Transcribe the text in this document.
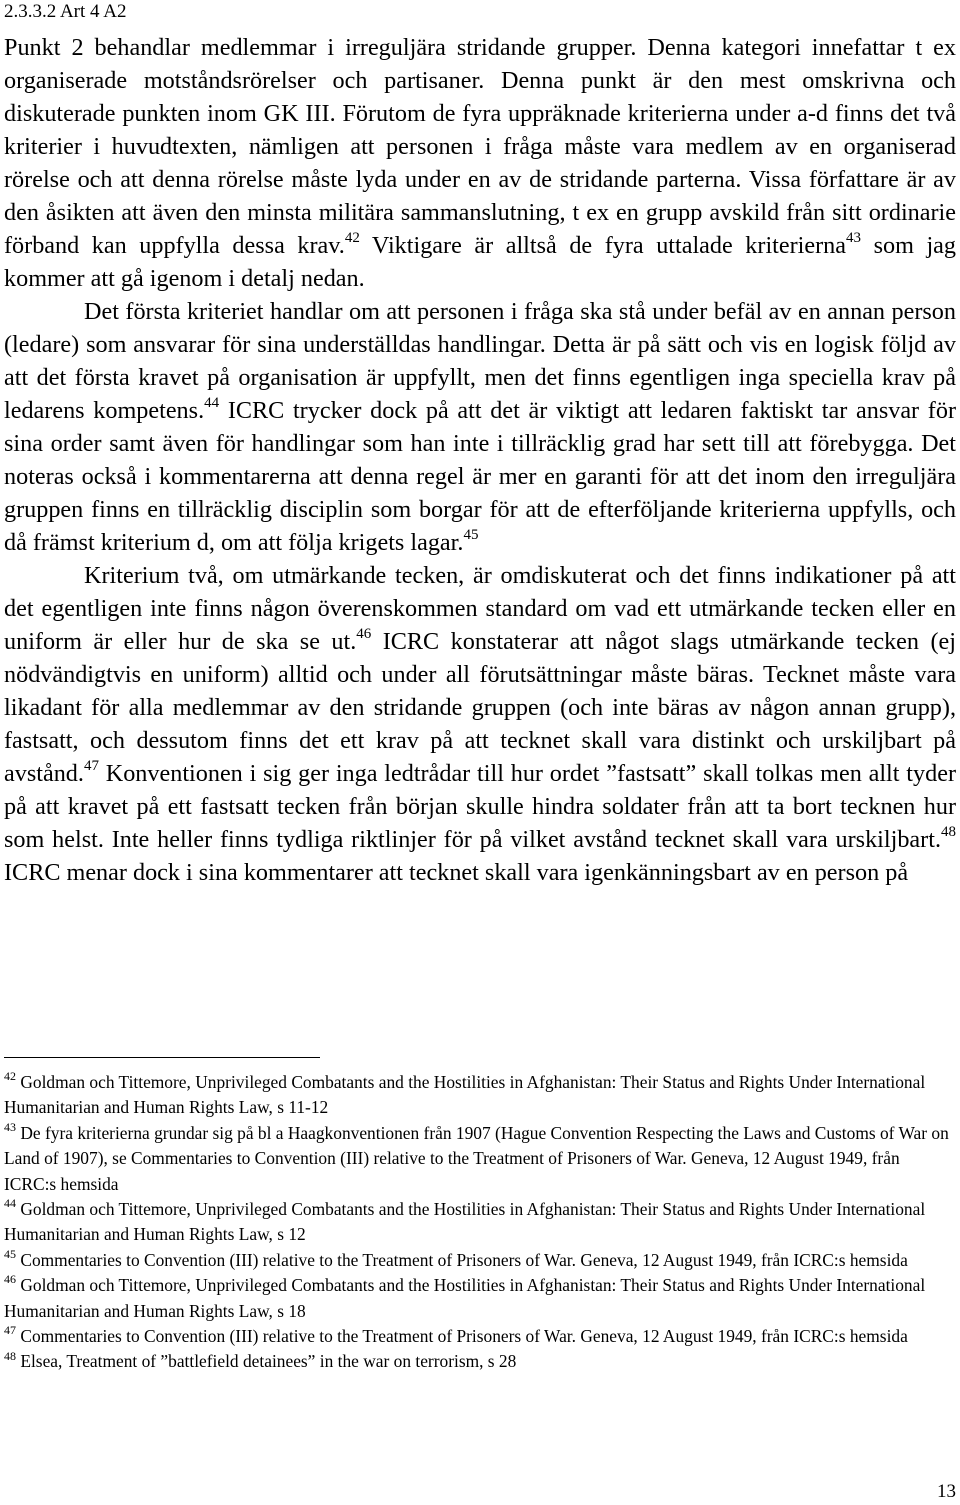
2.3.3.2 Art 4 A2

Punkt 2 behandlar medlemmar i irreguljära stridande grupper. Denna kategori innefattar t ex organiserade motståndsrörelser och partisaner. Denna punkt är den mest omskrivna och diskuterade punkten inom GK III. Förutom de fyra uppräknade kriterierna under a-d finns det två kriterier i huvudtexten, nämligen att personen i fråga måste vara medlem av en organiserad rörelse och att denna rörelse måste lyda under en av de stridande parterna. Vissa författare är av den åsikten att även den minsta militära sammanslutning, t ex en grupp avskild från sitt ordinarie förband kan uppfylla dessa krav.$^{42}$ Viktigare är alltså de fyra uttalade kriterierna$^{43}$ som jag kommer att gå igenom i detalj nedan.

Det första kriteriet handlar om att personen i fråga ska stå under befäl av en annan person (ledare) som ansvarar för sina underställdas handlingar. Detta är på sätt och vis en logisk följd av att det första kravet på organisation är uppfyllt, men det finns egentligen inga speciella krav på ledarens kompetens.$^{44}$ ICRC trycker dock på att det är viktigt att ledaren faktiskt tar ansvar för sina order samt även för handlingar som han inte i tillräcklig grad har sett till att förebygga. Det noteras också i kommentarerna att denna regel är mer en garanti för att det inom den irreguljära gruppen finns en tillräcklig disciplin som borgar för att de efterföljande kriterierna uppfylls, och då främst kriterium d, om att följa krigets lagar.$^{45}$

Kriterium två, om utmärkande tecken, är omdiskuterat och det finns indikationer på att det egentligen inte finns någon överenskommen standard om vad ett utmärkande tecken eller en uniform är eller hur de ska se ut.$^{46}$ ICRC konstaterar att något slags utmärkande tecken (ej nödvändigtvis en uniform) alltid och under all förutsättningar måste bäras. Tecknet måste vara likadant för alla medlemmar av den stridande gruppen (och inte bäras av någon annan grupp), fastsatt, och dessutom finns det ett krav på att tecknet skall vara distinkt och urskiljbart på avstånd.$^{47}$ Konventionen i sig ger inga ledtrådar till hur ordet ”fastsatt” skall tolkas men allt tyder på att kravet på ett fastsatt tecken från början skulle hindra soldater från att ta bort tecknen hur som helst. Inte heller finns tydliga riktlinjer för på vilket avstånd tecknet skall vara urskiljbart.$^{48}$ ICRC menar dock i sina kommentarer att tecknet skall vara igenkänningsbart av en person på

$^{42}$ Goldman och Tittemore, Unprivileged Combatants and the Hostilities in Afghanistan: Their Status and Rights Under International Humanitarian and Human Rights Law, s 11-12

$^{43}$ De fyra kriterierna grundar sig på bl a Haagkonventionen från 1907 (Hague Convention Respecting the Laws and Customs of War on Land of 1907), se Commentaries to Convention (III) relative to the Treatment of Prisoners of War. Geneva, 12 August 1949, från ICRC:s hemsida

$^{44}$ Goldman och Tittemore, Unprivileged Combatants and the Hostilities in Afghanistan: Their Status and Rights Under International Humanitarian and Human Rights Law, s 12

$^{45}$ Commentaries to Convention (III) relative to the Treatment of Prisoners of War. Geneva, 12 August 1949, från ICRC:s hemsida

$^{46}$ Goldman och Tittemore, Unprivileged Combatants and the Hostilities in Afghanistan: Their Status and Rights Under International Humanitarian and Human Rights Law, s 18

$^{47}$ Commentaries to Convention (III) relative to the Treatment of Prisoners of War. Geneva, 12 August 1949, från ICRC:s hemsida

$^{48}$ Elsea, Treatment of ”battlefield detainees” in the war on terrorism, s 28

13
